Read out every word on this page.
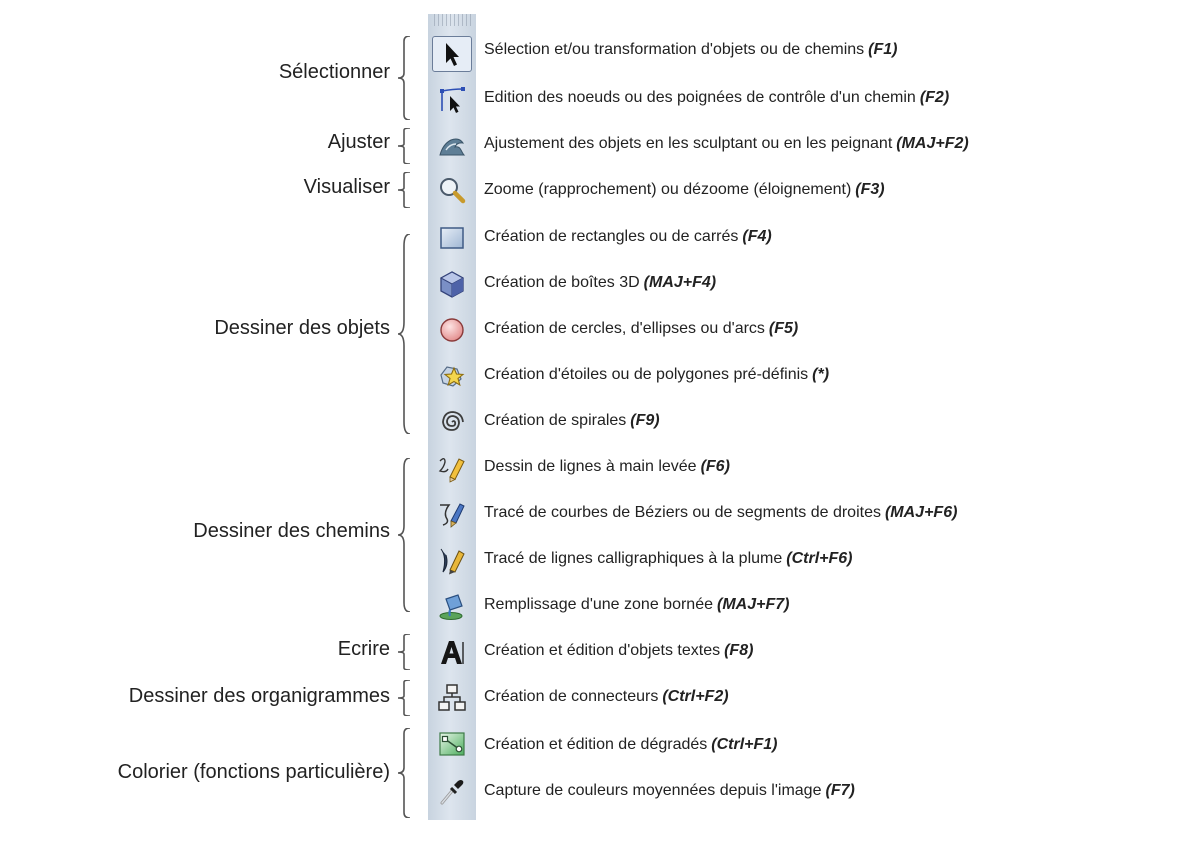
Sélectionner
Ajuster
Visualiser
Dessiner des objets
Dessiner des chemins
Ecrire
Dessiner des organigrammes
Colorier (fonctions particulière)
Sélection et/ou transformation d'objets ou de chemins (F1)
Edition des noeuds ou des poignées de contrôle d'un chemin (F2)
Ajustement des objets en les sculptant ou en les peignant (MAJ+F2)
Zoome (rapprochement) ou dézoome (éloignement) (F3)
Création de rectangles ou de carrés (F4)
Création de boîtes 3D (MAJ+F4)
Création de cercles, d'ellipses ou d'arcs (F5)
Création d'étoiles ou de polygones pré-définis (*)
Création de spirales (F9)
Dessin de lignes à main levée (F6)
Tracé de courbes de Béziers ou de segments de droites (MAJ+F6)
Tracé de lignes calligraphiques à la plume (Ctrl+F6)
Remplissage d'une zone bornée (MAJ+F7)
Création et édition d'objets textes (F8)
Création de connecteurs (Ctrl+F2)
Création et édition de dégradés (Ctrl+F1)
Capture de couleurs moyennées depuis l'image (F7)
